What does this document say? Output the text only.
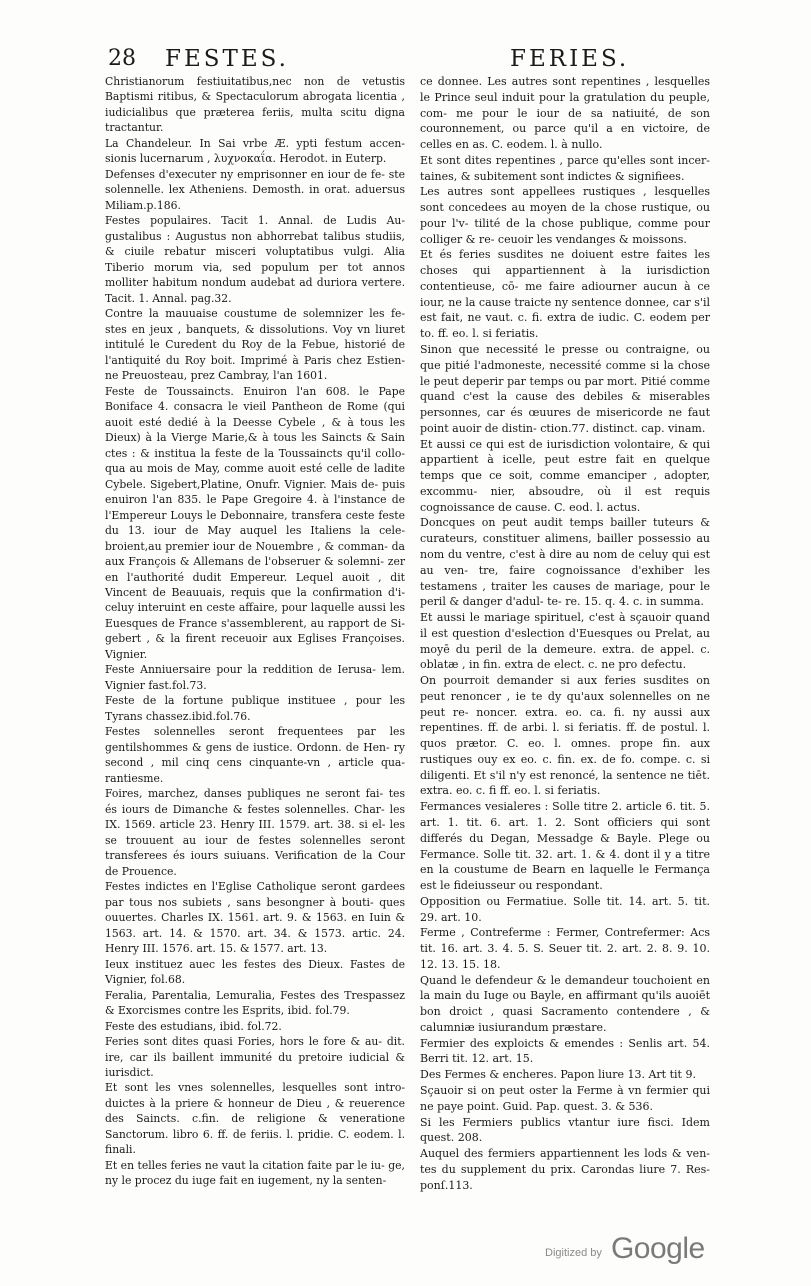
28 FESTES.	FERIES.

Christianorum festiuitatibus,nec non de vetustis Baptismi ritibus, & Spectaculorum abrogata licentia , iudicialibus que præterea feriis, multa scitu digna tractantur.

La Chandeleur. In Sai vrbe Æ. ypti festum accen- sionis lucernarum , λυχνοκαΐα. Herodot. in Euterp.

Defenses d'executer ny emprisonner en iour de fe- ste solennelle. lex Atheniens. Demosth. in orat. aduersus Miliam.p.186.

Festes populaires. Tacit 1. Annal. de Ludis Au- gustalibus : Augustus non abhorrebat talibus studiis, & ciuile rebatur misceri voluptatibus vulgi. Alia Tiberio morum via, sed populum per tot annos molliter habitum nondum audebat ad duriora vertere. Tacit. 1. Annal. pag.32.

Contre la mauuaise coustume de solemnizer les fe- stes en jeux , banquets, & dissolutions. Voy vn liuret intitulé le Curedent du Roy de la Febue, historié de l'antiquité du Roy boit. Imprimé à Paris chez Estien- ne Preuosteau, prez Cambray, l'an 1601.

Feste de Toussaincts. Enuiron l'an 608. le Pape Boniface 4. consacra le vieil Pantheon de Rome (qui auoit esté dedié à la Deesse Cybele , & à tous les Dieux) à la Vierge Marie,& à tous les Saincts & Sain ctes : & institua la feste de la Toussaincts qu'il collo- qua au mois de May, comme auoit esté celle de ladite Cybele. Sigebert,Platine, Onufr. Vignier. Mais de- puis enuiron l'an 835. le Pape Gregoire 4. à l'instance de l'Empereur Louys le Debonnaire, transfera ceste feste du 13. iour de May auquel les Italiens la cele- broient,au premier iour de Nouembre , & comman- da aux François & Allemans de l'obseruer & solemni- zer en l'authorité dudit Empereur. Lequel auoit , dit Vincent de Beauuais, requis que la confirmation d'i- celuy interuint en ceste affaire, pour laquelle aussi les Euesques de France s'assemblerent, au rapport de Si- gebert , & la firent receuoir aux Eglises Françoises. Vignier.

Feste Anniuersaire pour la reddition de Ierusa- lem. Vignier fast.fol.73.

Feste de la fortune publique instituee , pour les Tyrans chassez.ibid.fol.76.

Festes solennelles seront frequentees par les gentilshommes & gens de iustice. Ordonn. de Hen- ry second , mil cinq cens cinquante-vn , article qua- rantiesme.

Foires, marchez, danses publiques ne seront fai- tes és iours de Dimanche & festes solennelles. Char- les IX. 1569. article 23. Henry III. 1579. art. 38. si el- les se trouuent au iour de festes solennelles seront transferees és iours suiuans. Verification de la Cour de Prouence.

Festes indictes en l'Eglise Catholique seront gardees par tous nos subiets , sans besongner à bouti- ques ouuertes. Charles IX. 1561. art. 9. & 1563. en Iuin & 1563. art. 14. & 1570. art. 34. & 1573. artic. 24. Henry III. 1576. art. 15. & 1577. art. 13.

Ieux instituez auec les festes des Dieux. Fastes de Vignier, fol.68.

Feralia, Parentalia, Lemuralia, Festes des Trespassez & Exorcismes contre les Esprits, ibid. fol.79.

Feste des estudians, ibid. fol.72.

Feries sont dites quasi Fories, hors le fore & au- dit. ire, car ils baillent immunité du pretoire iudicial & iurisdict.

Et sont les vnes solennelles, lesquelles sont intro- duictes à la priere & honneur de Dieu , & reuerence des Saincts. c.fin. de religione & veneratione Sanctorum. libro 6. ff. de feriis. l. pridie. C. eodem. l. finali.

Et en telles feries ne vaut la citation faite par le iu- ge, ny le procez du iuge fait en iugement, ny la senten-

ce donnee. Les autres sont repentines , lesquelles le Prince seul induit pour la gratulation du peuple, com- me pour le iour de sa natiuité, de son couronnement, ou parce qu'il a en victoire, de celles en as. C. eodem. l. à nullo.

Et sont dites repentines , parce qu'elles sont incer- taines, & subitement sont indictes & signifiees.

Les autres sont appellees rustiques , lesquelles sont concedees au moyen de la chose rustique, ou pour l'v- tilité de la chose publique, comme pour colliger & re- ceuoir les vendanges & moissons.

Et és feries susdites ne doiuent estre faites les choses qui appartiennent à la iurisdiction contentieuse, cō- me faire adiourner aucun à ce iour, ne la cause traicte ny sentence donnee, car s'il est fait, ne vaut. c. fi. extra de iudic. C. eodem per to. ff. eo. l. si feriatis.

Sinon que necessité le presse ou contraigne, ou que pitié l'admoneste, necessité comme si la chose le peut deperir par temps ou par mort. Pitié comme quand c'est la cause des debiles & miserables personnes, car és œuures de misericorde ne faut point auoir de distin- ction.77. distinct. cap. vinam.

Et aussi ce qui est de iurisdiction volontaire, & qui appartient à icelle, peut estre fait en quelque temps que ce soit, comme emanciper , adopter, excommu- nier, absoudre, où il est requis cognoissance de cause. C. eod. l. actus.

Doncques on peut audit temps bailler tuteurs & curateurs, constituer alimens, bailler possessio au nom du ventre, c'est à dire au nom de celuy qui est au ven- tre, faire cognoissance d'exhiber les testamens , traiter les causes de mariage, pour le peril & danger d'adul- te- re. 15. q. 4. c. in summa.

Et aussi le mariage spirituel, c'est à sçauoir quand il est question d'eslection d'Euesques ou Prelat, au moyē du peril de la demeure. extra. de appel. c. oblatæ , in fin. extra de elect. c. ne pro defectu.

On pourroit demander si aux feries susdites on peut renoncer , ie te dy qu'aux solennelles on ne peut re- noncer. extra. eo. ca. fi. ny aussi aux repentines. ff. de arbi. l. si feriatis. ff. de postul. l. quos prætor. C. eo. l. omnes. prope fin. aux rustiques ouy ex eo. c. fin. ex. de fo. compe. c. si diligenti. Et s'il n'y est renoncé, la sentence ne tiēt. extra. eo. c. fi ff. eo. l. si feriatis.

Fermances vesialeres : Solle titre 2. article 6. tit. 5. art. 1. tit. 6. art. 1. 2. Sont officiers qui sont differés du Degan, Messadge & Bayle. Plege ou Fermance. Solle tit. 32. art. 1. & 4. dont il y a titre en la coustume de Bearn en laquelle le Fermança est le fideiusseur ou respondant.

Opposition ou Fermatiue. Solle tit. 14. art. 5. tit. 29. art. 10.

Ferme , Contreferme : Fermer, Contrefermer: Acs tit. 16. art. 3. 4. 5. S. Seuer tit. 2. art. 2. 8. 9. 10. 12. 13. 15. 18.

Quand le defendeur & le demandeur touchoient en la main du Iuge ou Bayle, en affirmant qu'ils auoiēt bon droict , quasi Sacramento contendere , & calumniæ iusiurandum præstare.

Fermier des exploicts & emendes : Senlis art. 54. Berri tit. 12. art. 15.

Des Fermes & encheres. Papon liure 13. Art tit 9.

Sçauoir si on peut oster la Ferme à vn fermier qui ne paye point. Guid. Pap. quest. 3. & 536.

Si les Fermiers publics vtantur iure fisci. Idem quest. 208.

Auquel des fermiers appartiennent les lods & ven- tes du supplement du prix. Carondas liure 7. Res- ponſ.113.

Digitized by Google
